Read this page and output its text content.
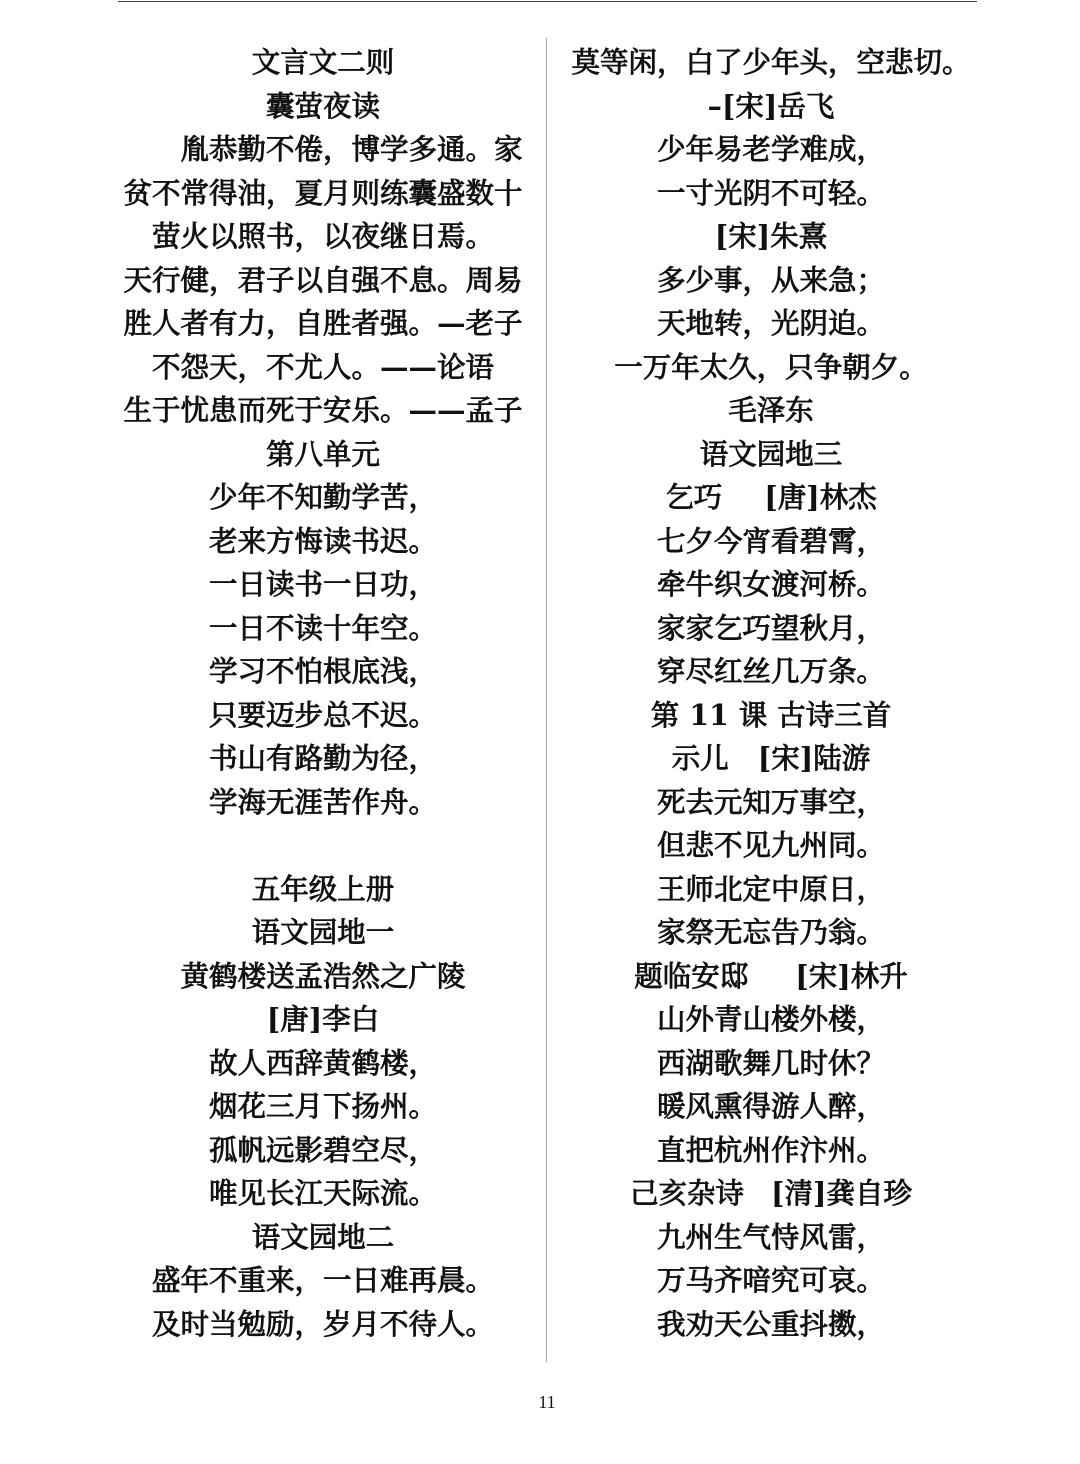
文言文二则
囊萤夜读
胤恭勤不倦，博学多通。家
贫不常得油，夏月则练囊盛数十
萤火以照书，以夜继日焉。
天行健，君子以自强不息。周易
胜人者有力，自胜者强。—老子
不怨天，不尤人。——论语
生于忧患而死于安乐。——孟子
第八单元
少年不知勤学苦，
老来方悔读书迟。
一日读书一日功，
一日不读十年空。
学习不怕根底浅，
只要迈步总不迟。
书山有路勤为径，
学海无涯苦作舟。
五年级上册
语文园地一
黄鹤楼送孟浩然之广陵
[唐]李白
故人西辞黄鹤楼，
烟花三月下扬州。
孤帆远影碧空尽，
唯见长江天际流。
语文园地二
盛年不重来，一日难再晨。
及时当勉励，岁月不待人。
莫等闲，白了少年头，空悲切。
–[宋]岳飞
少年易老学难成，
一寸光阴不可轻。
[宋]朱熹
多少事，从来急；
天地转，光阴迫。
一万年太久，只争朝夕。
毛泽东
语文园地三
乞巧 [唐]林杰
七夕今宵看碧霄，
牵牛织女渡河桥。
家家乞巧望秋月，
穿尽红丝几万条。
第 11 课 古诗三首
示儿 [宋]陆游
死去元知万事空，
但悲不见九州同。
王师北定中原日，
家祭无忘告乃翁。
题临安邸 [宋]林升
山外青山楼外楼，
西湖歌舞几时休？
暖风熏得游人醉，
直把杭州作汴州。
己亥杂诗 [清]龚自珍
九州生气恃风雷，
万马齐喑究可哀。
我劝天公重抖擞，
11
